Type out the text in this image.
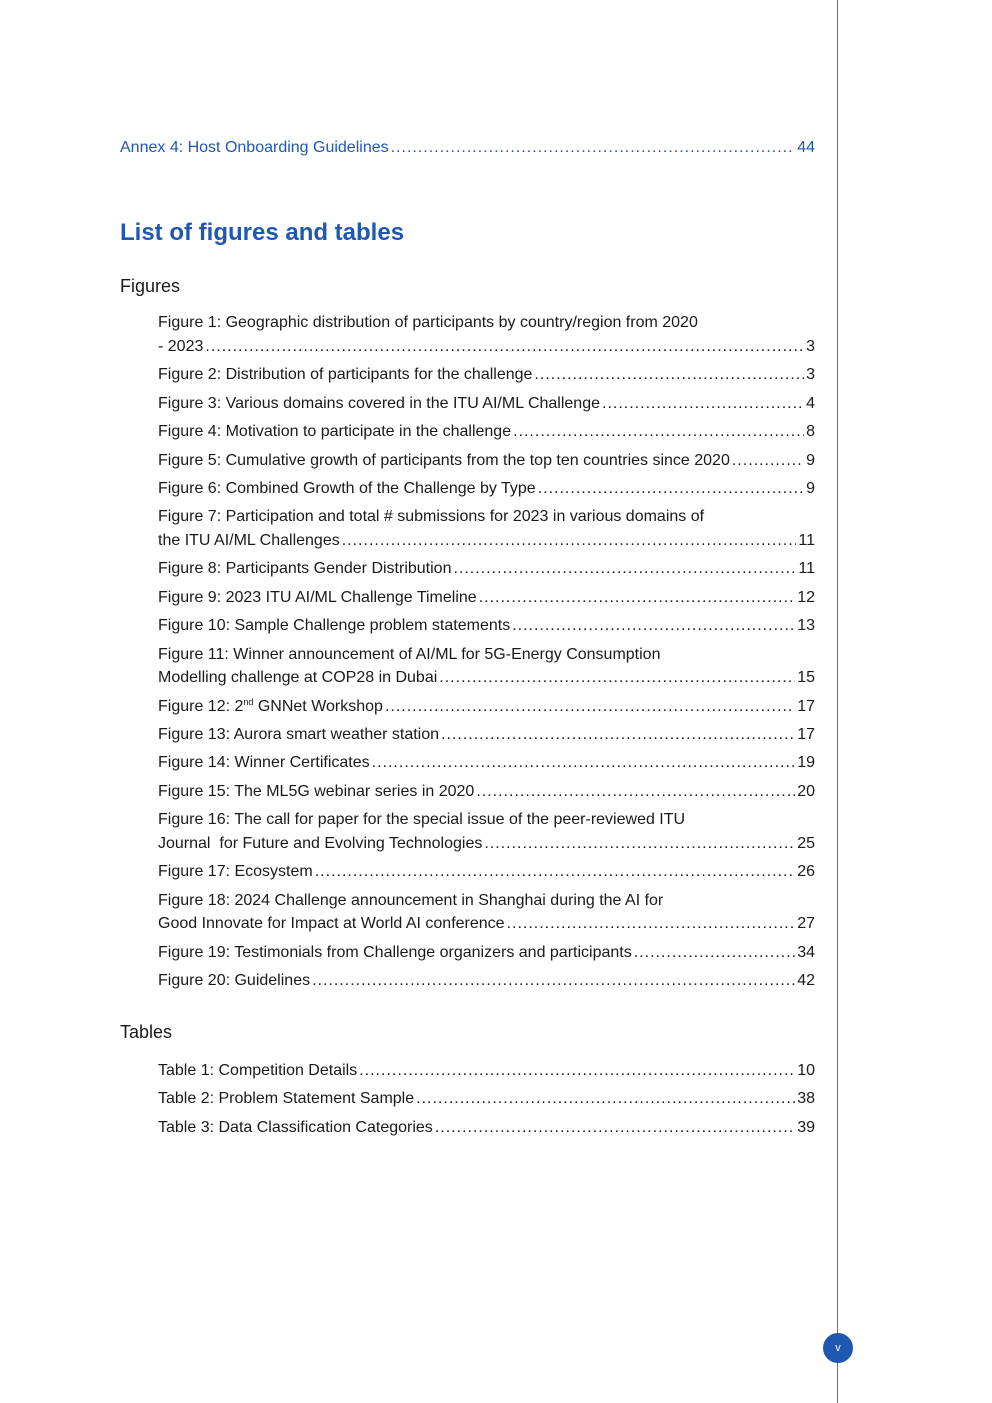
Annex 4: Host Onboarding Guidelines .....	44
List of figures and tables
Figures
Figure 1: Geographic distribution of participants by country/region from 2020
- 2023 .....	3
Figure 2: Distribution of participants for the challenge .....	3
Figure 3: Various domains covered in the ITU AI/ML Challenge .....	4
Figure 4: Motivation to participate in the challenge .....	8
Figure 5: Cumulative growth of participants from the top ten countries since 2020 .....	9
Figure 6: Combined Growth of the Challenge by Type .....	9
Figure 7: Participation and total # submissions for 2023 in various domains of
the ITU AI/ML Challenges .....	11
Figure 8: Participants Gender Distribution .....	11
Figure 9: 2023 ITU AI/ML Challenge Timeline .....	12
Figure 10: Sample Challenge problem statements .....	13
Figure 11: Winner announcement of AI/ML for 5G-Energy Consumption
Modelling challenge at COP28 in Dubai .....	15
Figure 12: 2nd GNNet Workshop .....	17
Figure 13: Aurora smart weather station .....	17
Figure 14: Winner Certificates .....	19
Figure 15: The ML5G webinar series in 2020 .....	20
Figure 16: The call for paper for the special issue of the peer-reviewed ITU
Journal  for Future and Evolving Technologies .....	25
Figure 17: Ecosystem .....	26
Figure 18: 2024 Challenge announcement in Shanghai during the AI for
Good Innovate for Impact at World AI conference .....	27
Figure 19: Testimonials from Challenge organizers and participants .....	34
Figure 20: Guidelines .....	42
Tables
Table 1: Competition Details .....	10
Table 2: Problem Statement Sample .....	38
Table 3: Data Classification Categories .....	39
v
